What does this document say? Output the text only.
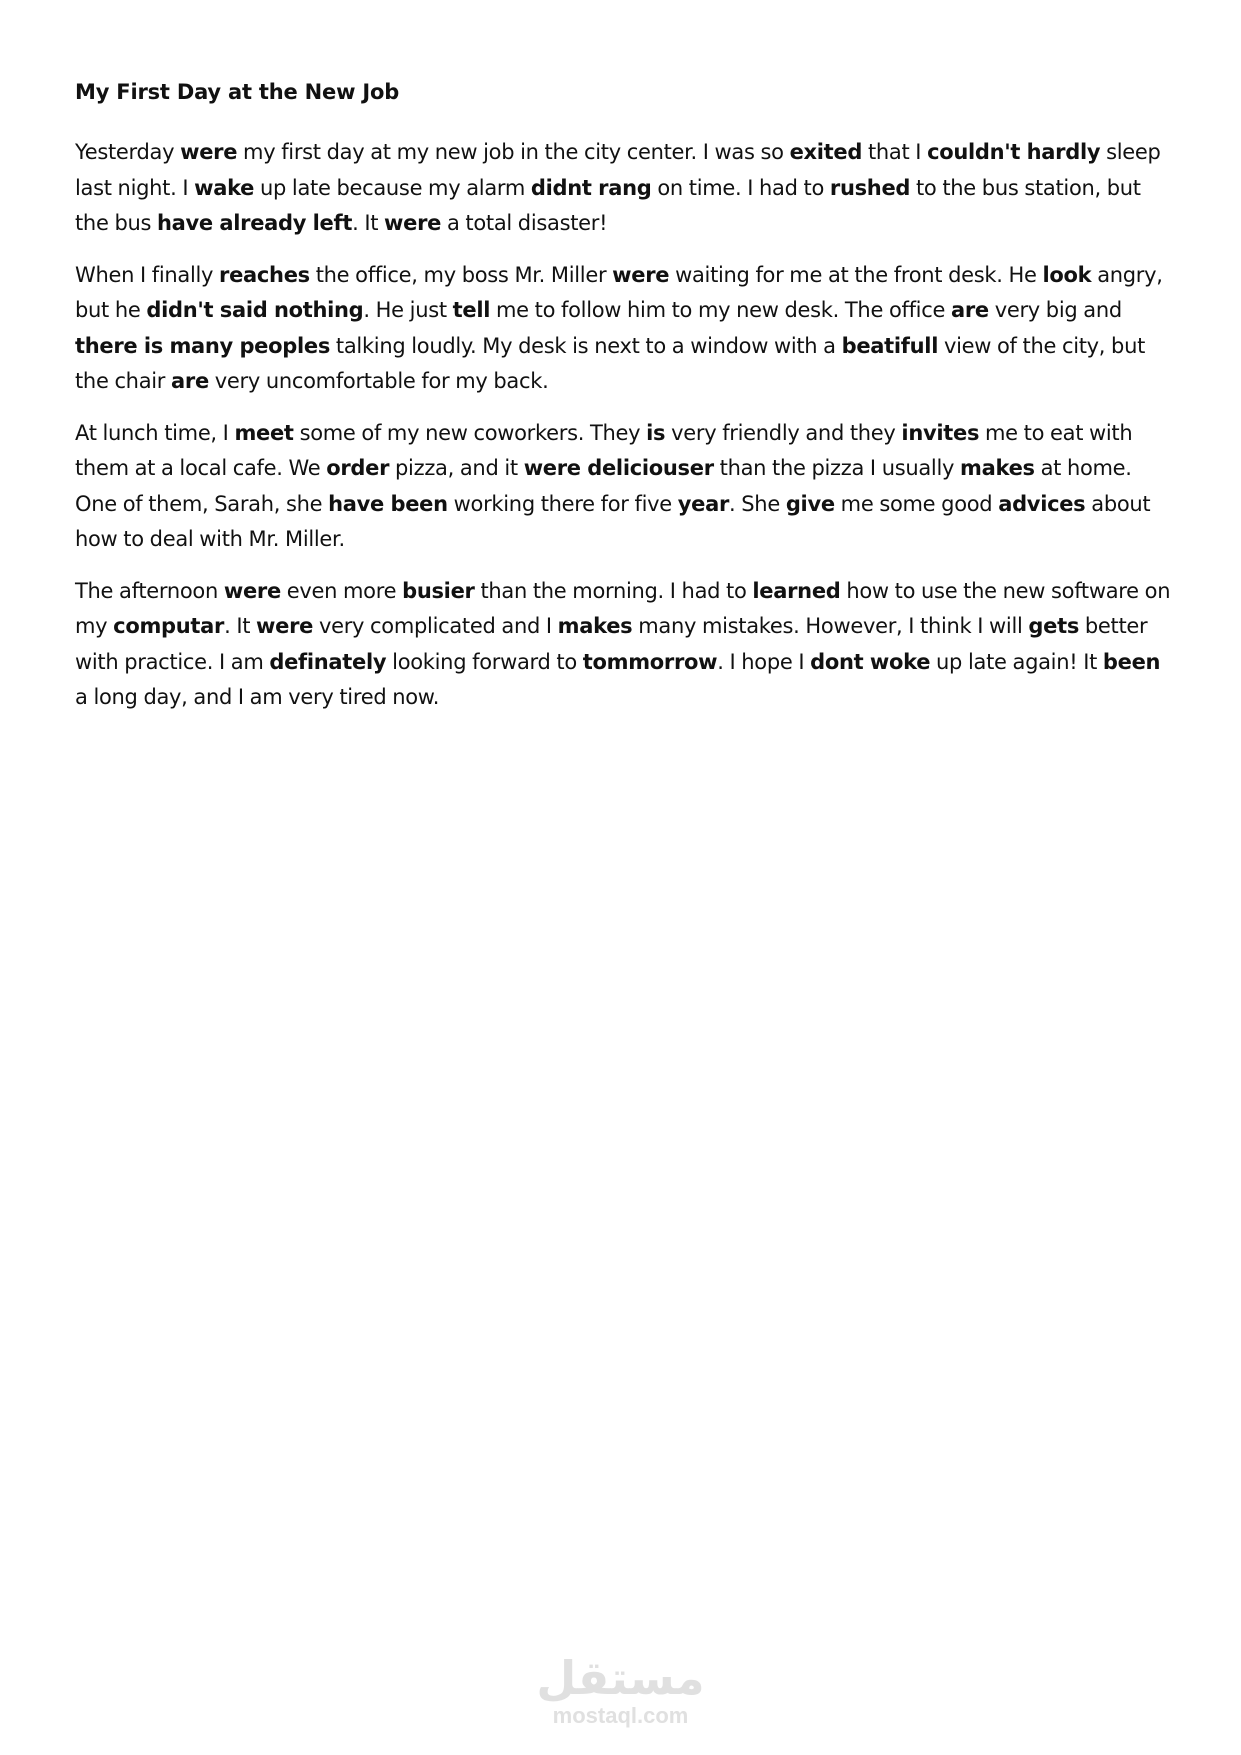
My First Day at the New Job

Yesterday were my first day at my new job in the city center. I was so exited that I couldn't hardly sleep last night. I wake up late because my alarm didnt rang on time. I had to rushed to the bus station, but the bus have already left. It were a total disaster!

When I finally reaches the office, my boss Mr. Miller were waiting for me at the front desk. He look angry, but he didn't said nothing. He just tell me to follow him to my new desk. The office are very big and there is many peoples talking loudly. My desk is next to a window with a beatifull view of the city, but the chair are very uncomfortable for my back.

At lunch time, I meet some of my new coworkers. They is very friendly and they invites me to eat with them at a local cafe. We order pizza, and it were deliciouser than the pizza I usually makes at home. One of them, Sarah, she have been working there for five year. She give me some good advices about how to deal with Mr. Miller.

The afternoon were even more busier than the morning. I had to learned how to use the new software on my computar. It were very complicated and I makes many mistakes. However, I think I will gets better with practice. I am definately looking forward to tommorrow. I hope I dont woke up late again! It been a long day, and I am very tired now.

مستقل
mostaql.com
